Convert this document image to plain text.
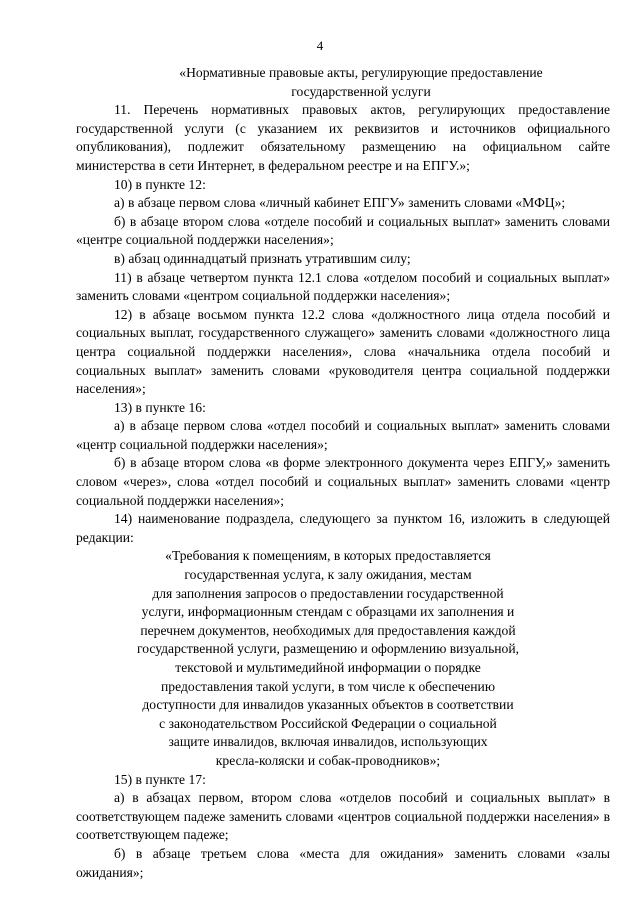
4
«Нормативные правовые акты, регулирующие предоставление
государственной услуги

11. Перечень нормативных правовых актов, регулирующих предоставление государственной услуги (с указанием их реквизитов и источников официального опубликования), подлежит обязательному размещению на официальном сайте министерства в сети Интернет, в федеральном реестре и на ЕПГУ.»;

10) в пункте 12:

а) в абзаце первом слова «личный кабинет ЕПГУ» заменить словами «МФЦ»;

б) в абзаце втором слова «отделе пособий и социальных выплат» заменить словами «центре социальной поддержки населения»;

в) абзац одиннадцатый признать утратившим силу;

11) в абзаце четвертом пункта 12.1 слова «отделом пособий и социальных выплат» заменить словами «центром социальной поддержки населения»;

12) в абзаце восьмом пункта 12.2 слова «должностного лица отдела пособий и социальных выплат, государственного служащего» заменить словами «должностного лица центра социальной поддержки населения», слова «начальника отдела пособий и социальных выплат» заменить словами «руководителя центра социальной поддержки населения»;

13) в пункте 16:

а) в абзаце первом слова «отдел пособий и социальных выплат» заменить словами «центр социальной поддержки населения»;

б) в абзаце втором слова «в форме электронного документа через ЕПГУ,» заменить словом «через», слова «отдел пособий и социальных выплат» заменить словами «центр социальной поддержки населения»;

14) наименование подраздела, следующего за пунктом 16, изложить в следующей редакции:

«Требования к помещениям, в которых предоставляется
государственная услуга, к залу ожидания, местам
для заполнения запросов о предоставлении государственной
услуги, информационным стендам с образцами их заполнения и
перечнем документов, необходимых для предоставления каждой
государственной услуги, размещению и оформлению визуальной,
текстовой и мультимедийной информации о порядке
предоставления такой услуги, в том числе к обеспечению
доступности для инвалидов указанных объектов в соответствии
с законодательством Российской Федерации о социальной
защите инвалидов, включая инвалидов, использующих
кресла-коляски и собак-проводников»;

15) в пункте 17:

а) в абзацах первом, втором слова «отделов пособий и социальных выплат» в соответствующем падеже заменить словами «центров социальной поддержки населения» в соответствующем падеже;

б) в абзаце третьем слова «места для ожидания» заменить словами «залы ожидания»;
